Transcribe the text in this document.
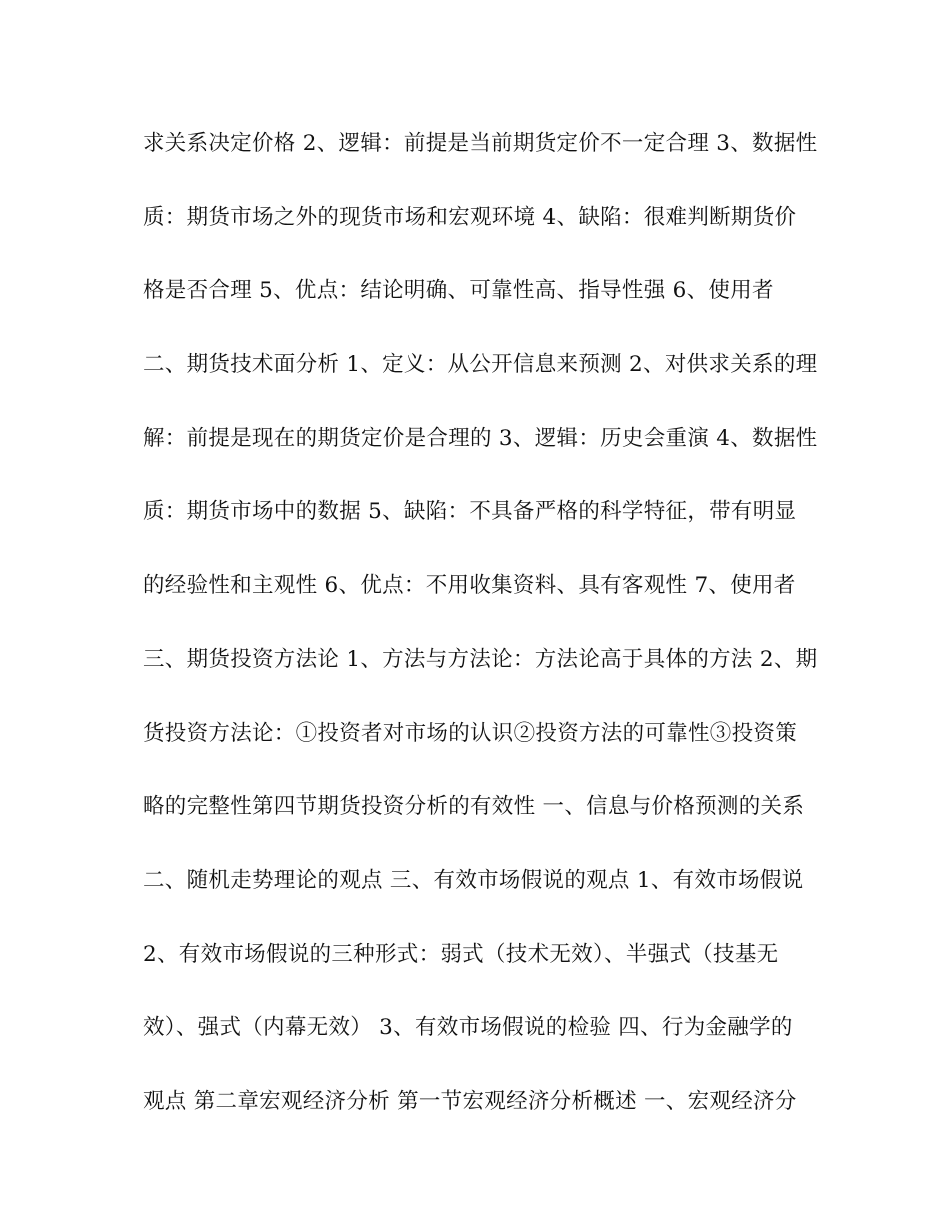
求关系决定价格 2、逻辑：前提是当前期货定价不一定合理 3、数据性
质：期货市场之外的现货市场和宏观环境 4、缺陷：很难判断期货价
格是否合理 5、优点：结论明确、可靠性高、指导性强 6、使用者
二、期货技术面分析 1、定义：从公开信息来预测 2、对供求关系的理
解：前提是现在的期货定价是合理的 3、逻辑：历史会重演 4、数据性
质：期货市场中的数据 5、缺陷：不具备严格的科学特征，带有明显
的经验性和主观性 6、优点：不用收集资料、具有客观性 7、使用者
三、期货投资方法论 1、方法与方法论：方法论高于具体的方法 2、期
货投资方法论：①投资者对市场的认识②投资方法的可靠性③投资策
略的完整性第四节期货投资分析的有效性 一、信息与价格预测的关系
二、随机走势理论的观点 三、有效市场假说的观点 1、有效市场假说
2、有效市场假说的三种形式：弱式（技术无效）、半强式（技基无
效）、强式（内幕无效） 3、有效市场假说的检验 四、行为金融学的
观点 第二章宏观经济分析 第一节宏观经济分析概述 一、宏观经济分
